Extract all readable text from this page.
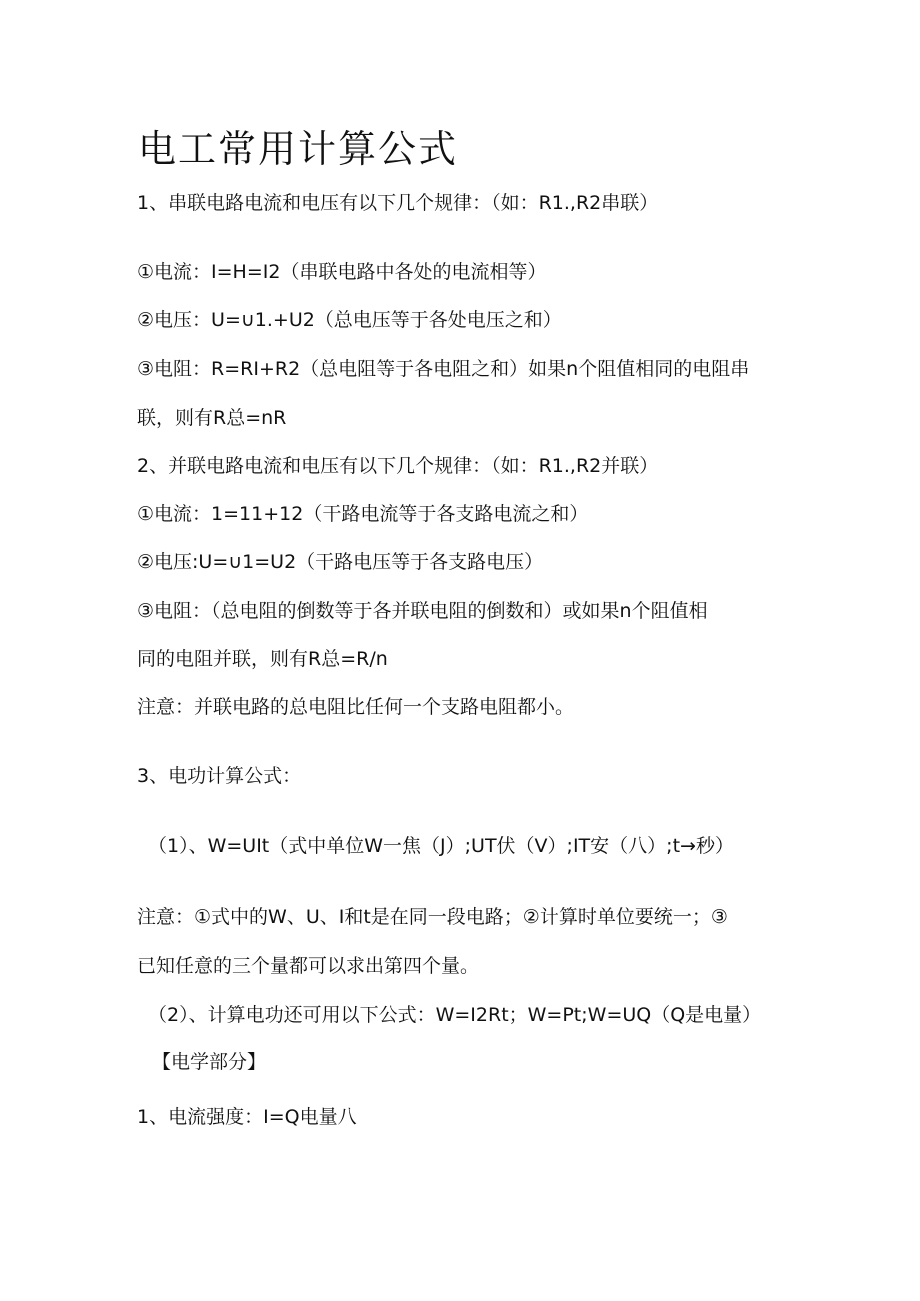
电工常用计算公式

1、串联电路电流和电压有以下几个规律：（如：R1.,R2串联）

①电流：I=H=I2（串联电路中各处的电流相等）

②电压：U=∪1.+U2（总电压等于各处电压之和）

③电阻：R=RI+R2（总电阻等于各电阻之和）如果n个阻值相同的电阻串

联，则有R总=nR

2、并联电路电流和电压有以下几个规律：（如：R1.,R2并联）

①电流：1=11+12（干路电流等于各支路电流之和）

②电压:U=∪1=U2（干路电压等于各支路电压）

③电阻：（总电阻的倒数等于各并联电阻的倒数和）或如果n个阻值相

同的电阻并联，则有R总=R/n

注意：并联电路的总电阻比任何一个支路电阻都小。

3、电功计算公式：

（1）、W=UIt（式中单位W一焦（J）;UT伏（V）;IT安（八）;t→秒）

注意：①式中的W、U、I和t是在同一段电路；②计算时单位要统一；③

已知任意的三个量都可以求出第四个量。

（2）、计算电功还可用以下公式：W=I2Rt；W=Pt;W=UQ（Q是电量）

【电学部分】

1、电流强度：I=Q电量八
